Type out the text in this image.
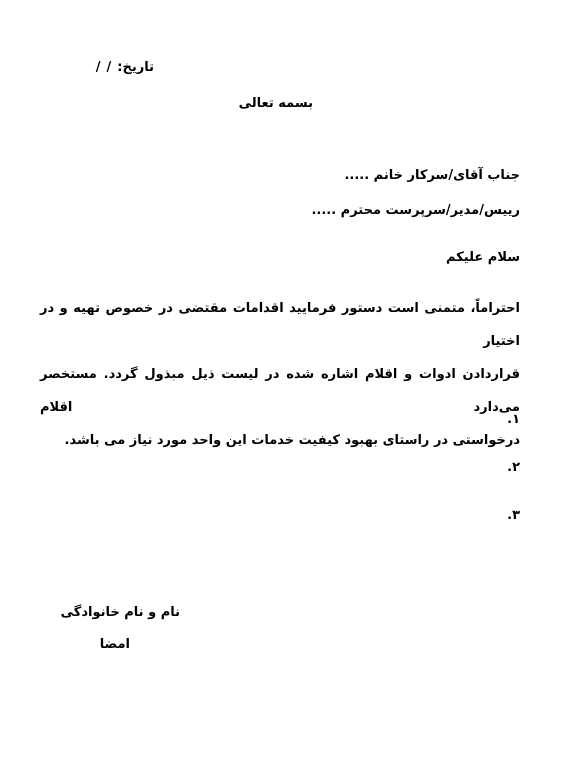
تاریخ:
/
/
بسمه تعالی
جناب آقای/سرکار خانم .....
رییس/مدیر/سرپرست محترم .....
سلام علیکم
احتراماً، متمنی است دستور فرمایید اقدامات مقتضی در خصوص تهیه و در اختیار
قراردادن ادوات و اقلام اشاره شده در لیست ذیل مبذول گردد. مستخصر می‌دارد اقلام
درخواستی در راستای بهبود کیفیت خدمات این واحد مورد نیاز می باشد.
۱.
۲.
۳.
نام و نام خانوادگی
امضا
